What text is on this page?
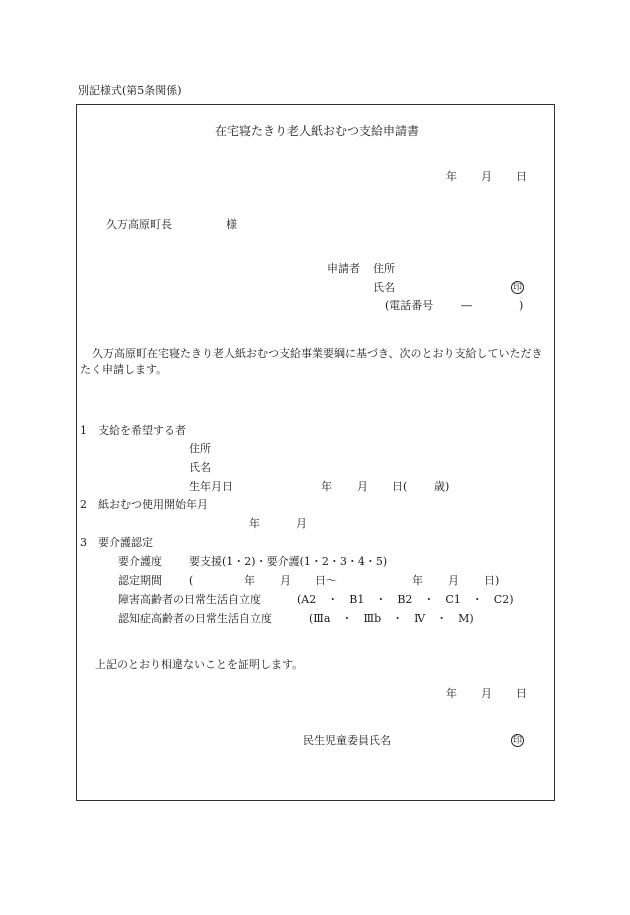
別記様式(第5条関係)
在宅寝たきり老人紙おむつ支給申請書
年 月 日
久万高原町長	様
申請者 住所
氏名	印
(電話番号	―	)
久万高原町在宅寝たきり老人紙おむつ支給事業要綱に基づき、次のとおり支給していただきたく申請します。
1　支給を希望する者
住所
氏名
生年月日	年 月 日( 歳)
2　紙おむつ使用開始年月
年	月
3　要介護認定
要介護度 要支援(1・2)・要介護(1・2・3・4・5)
認定期間 (	年 月 日～	年 月 日)
障害高齢者の日常生活自立度	(A2　・　B1　・　B2　・　C1　・　C2)
認知症高齢者の日常生活自立度	(Ⅲa　・　Ⅲb　・　Ⅳ　・　M)
上記のとおり相違ないことを証明します。
年 月 日
民生児童委員氏名	印
